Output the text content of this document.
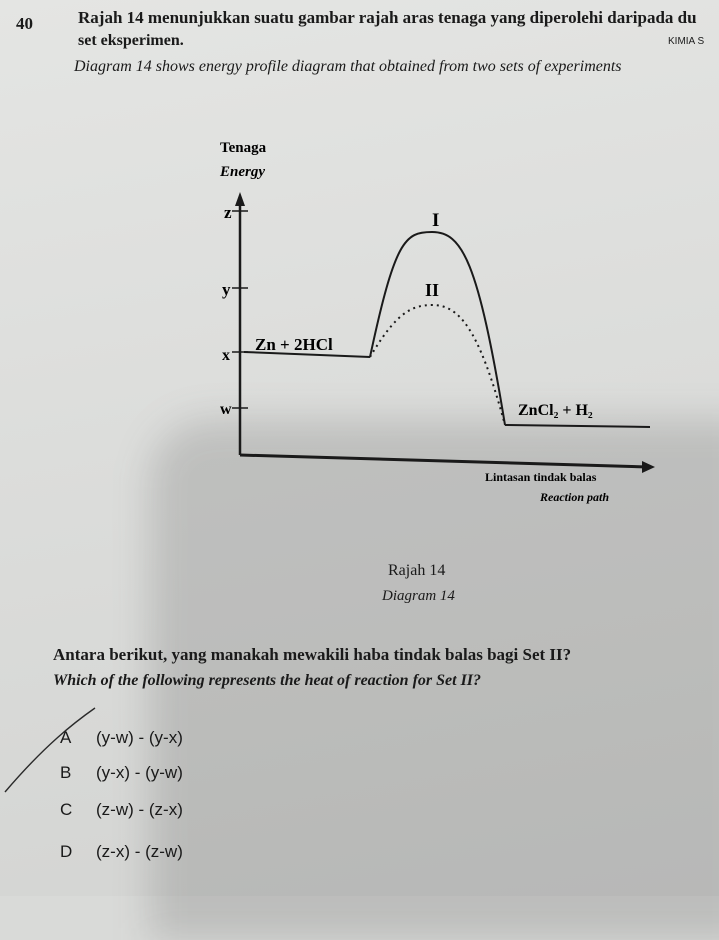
40	Rajah 14 menunjukkan suatu gambar rajah aras tenaga yang diperolehi daripada du
set eksperimen.
Diagram 14 shows energy profile diagram that obtained from two sets of experiments
KIMIA S
Tenaga
Energy
z
y
x
w
I
II
Zn + 2HCl
ZnCl₂ + H₂
Lintasan tindak balas
Reaction path
Rajah 14
Diagram 14
Antara berikut, yang manakah mewakili haba tindak balas bagi Set II?
Which of the following represents the heat of reaction for Set II?
A (y-w) - (y-x)
B (y-x) - (y-w)
C (z-w) - (z-x)
D (z-x) - (z-w)
